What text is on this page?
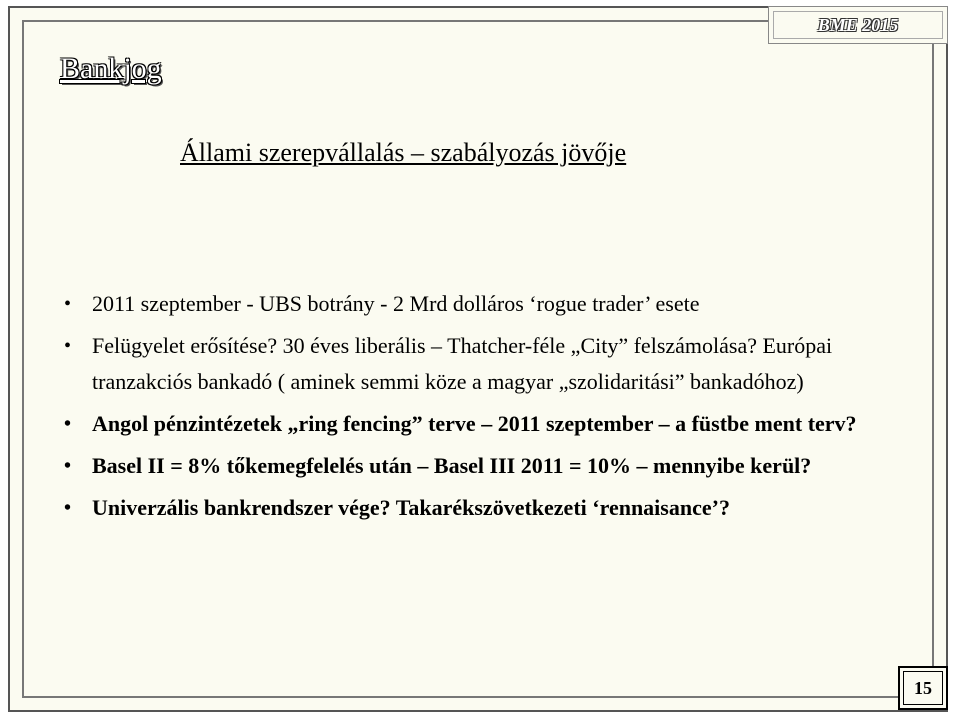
BME 2015
Bankjog
Állami szerepvállalás – szabályozás jövője
• 2011 szeptember - UBS botrány - 2 Mrd dolláros ‘rogue trader’ esete
• Felügyelet erősítése? 30 éves liberális – Thatcher-féle „City” felszámolása? Európai tranzakciós bankadó ( aminek semmi köze a magyar „szolidaritási” bankadóhoz)
• Angol pénzintézetek „ring fencing” terve – 2011 szeptember – a füstbe ment terv?
• Basel II = 8% tőkemegfelelés után – Basel III 2011 = 10% – mennyibe kerül?
• Univerzális bankrendszer vége? Takarékszövetkezeti ‘rennaisance’?
15
